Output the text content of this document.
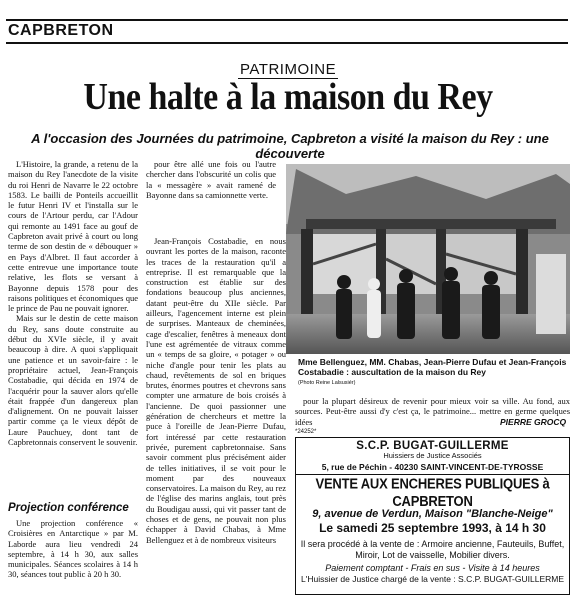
CAPBRETON
PATRIMOINE
Une halte à la maison du Rey
A l'occasion des Journées du patrimoine, Capbreton a visité la maison du Rey : une découverte

L'Histoire, la grande, a retenu de la maison du Rey l'anecdote de la visite du roi Henri de Navarre le 22 octobre 1583. Le bailli de Ponteils accueillit le futur Henri IV et l'installa sur le cours de l'Artour perdu, car l'Adour qui remonte au 1491 face au gouf de Capbreton avait privé à court ou long terme de son destin de « débouquer » en Pays d'Albret. Il faut accorder à cette entrevue une importance toute relative, les flots se versant à Bayonne depuis 1578 pour des raisons politiques et économiques que le prince de Pau ne pouvait ignorer.

Mais sur le destin de cette maison du Rey, sans doute construite au début du XVIe siècle, il y avait beaucoup à dire. A quoi s'appliquait une patience et un savoir-faire : le propriétaire actuel, Jean-François Costabadie, qui décida en 1974 de l'acquérir pour la sauver alors qu'elle était frappée d'un dangereux plan d'alignement. On ne pouvait laisser partir comme ça le vieux dépôt de Laure Pauchuey, dont tant de Capbretonnais conservent le souvenir.

pour être allé une fois ou l'autre chercher dans l'obscurité un colis que la « messagère » avait ramené de Bayonne dans sa camionnette verte.

Jean-François Costabadie, en nous ouvrant les portes de la maison, raconte les traces de la restauration qu'il a entreprise. Il est remarquable que la construction est établie sur des fondations beaucoup plus anciennes, datant peut-être du XIIe siècle. Par ailleurs, l'agencement interne est plein de surprises. Manteaux de cheminées, cage d'escalier, fenêtres à meneaux dont l'une est agrémentée de vitraux comme un « temps de sa gloire, « potager » ou niche d'angle pour tenir les plats au chaud, revêtements de sol en briques brutes, énormes poutres et chevrons sans compter une armature de bois croisés à l'ancienne. De quoi passionner une génération de chercheurs et mettre la puce à l'oreille de Jean-Pierre Dufau, fort intéressé par cette restauration privée, purement capbretonnaise. Sans savoir comment plus précisément aider de telles initiatives, il se voit pour le moment par des nouveaux conservatoires. La maison du Rey, au rez de l'église des marins anglais, tout près du Boudigau aussi, qui vit passer tant de choses et de gens, ne pouvait non plus échapper à David Chabas, à Mme Bellenguez et à de nombreux visiteurs

Projection conférence

Une projection conférence « Croisières en Antarctique » par M. Laborde aura lieu vendredi 24 septembre, à 14 h 30, aux salles municipales. Séances scolaires à 14 h 30, séances tout public à 20 h 30.

Mme Bellenguez, MM. Chabas, Jean-Pierre Dufau et Jean-François Costabadie : auscultation de la maison du Rey
(Photo Reine Lalsusiér)

pour la plupart désireux de revenir pour mieux voir sa ville. Au fond, aux sources. Peut-être aussi d'y c'est ça, le patrimoine... mettre en germe quelques idées	PIERRE GROCQ
*24252*
S.C.P. BUGAT-GUILLERME
Huissiers de Justice Associés
5, rue de Péchin - 40230 SAINT-VINCENT-DE-TYROSSE
VENTE AUX ENCHERES PUBLIQUES à CAPBRETON
9, avenue de Verdun, Maison "Blanche-Neige"
Le samedi 25 septembre 1993, à 14 h 30
Il sera procédé à la vente de : Armoire ancienne, Fauteuils, Buffet, Miroir, Lot de vaisselle, Mobilier divers.
Paiement comptant - Frais en sus - Visite à 14 heures
L'Huissier de Justice chargé de la vente : S.C.P. BUGAT-GUILLERME
